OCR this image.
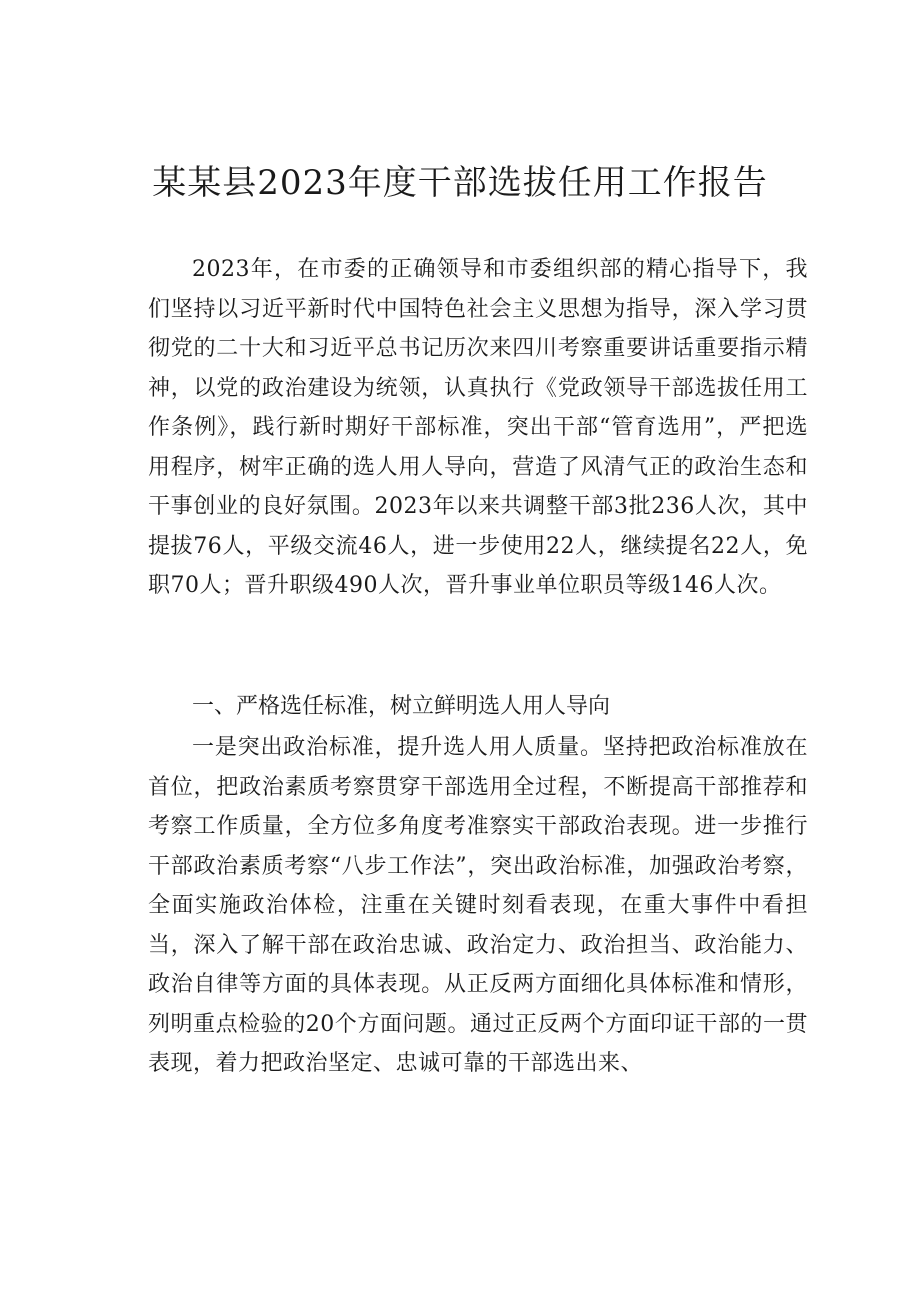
某某县2023年度干部选拔任用工作报告

2023年，在市委的正确领导和市委组织部的精心指导下，我们坚持以习近平新时代中国特色社会主义思想为指导，深入学习贯彻党的二十大和习近平总书记历次来四川考察重要讲话重要指示精神，以党的政治建设为统领，认真执行《党政领导干部选拔任用工作条例》，践行新时期好干部标准，突出干部“管育选用”，严把选用程序，树牢正确的选人用人导向，营造了风清气正的政治生态和干事创业的良好氛围。2023年以来共调整干部3批236人次，其中提拔76人，平级交流46人，进一步使用22人，继续提名22人，免职70人；晋升职级490人次，晋升事业单位职员等级146人次。

一、严格选任标准，树立鲜明选人用人导向

一是突出政治标准，提升选人用人质量。坚持把政治标准放在首位，把政治素质考察贯穿干部选用全过程，不断提高干部推荐和考察工作质量，全方位多角度考准察实干部政治表现。进一步推行干部政治素质考察“八步工作法”，突出政治标准，加强政治考察，全面实施政治体检，注重在关键时刻看表现，在重大事件中看担当，深入了解干部在政治忠诚、政治定力、政治担当、政治能力、政治自律等方面的具体表现。从正反两方面细化具体标准和情形，列明重点检验的20个方面问题。通过正反两个方面印证干部的一贯表现，着力把政治坚定、忠诚可靠的干部选出来、
